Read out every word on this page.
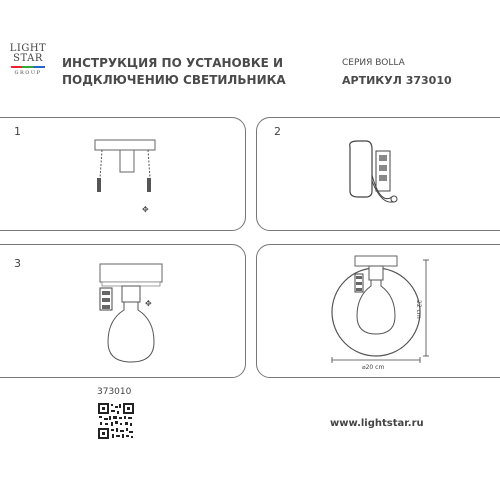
LIGHT
STAR
GROUP
ИНСТРУКЦИЯ ПО УСТАНОВКЕ И
ПОДКЛЮЧЕНИЮ СВЕТИЛЬНИКА
СЕРИЯ BOLLA
АРТИКУЛ 373010
1
✥
2
3
✥	22 cm
⌀20 cm
373010
www.lightstar.ru
